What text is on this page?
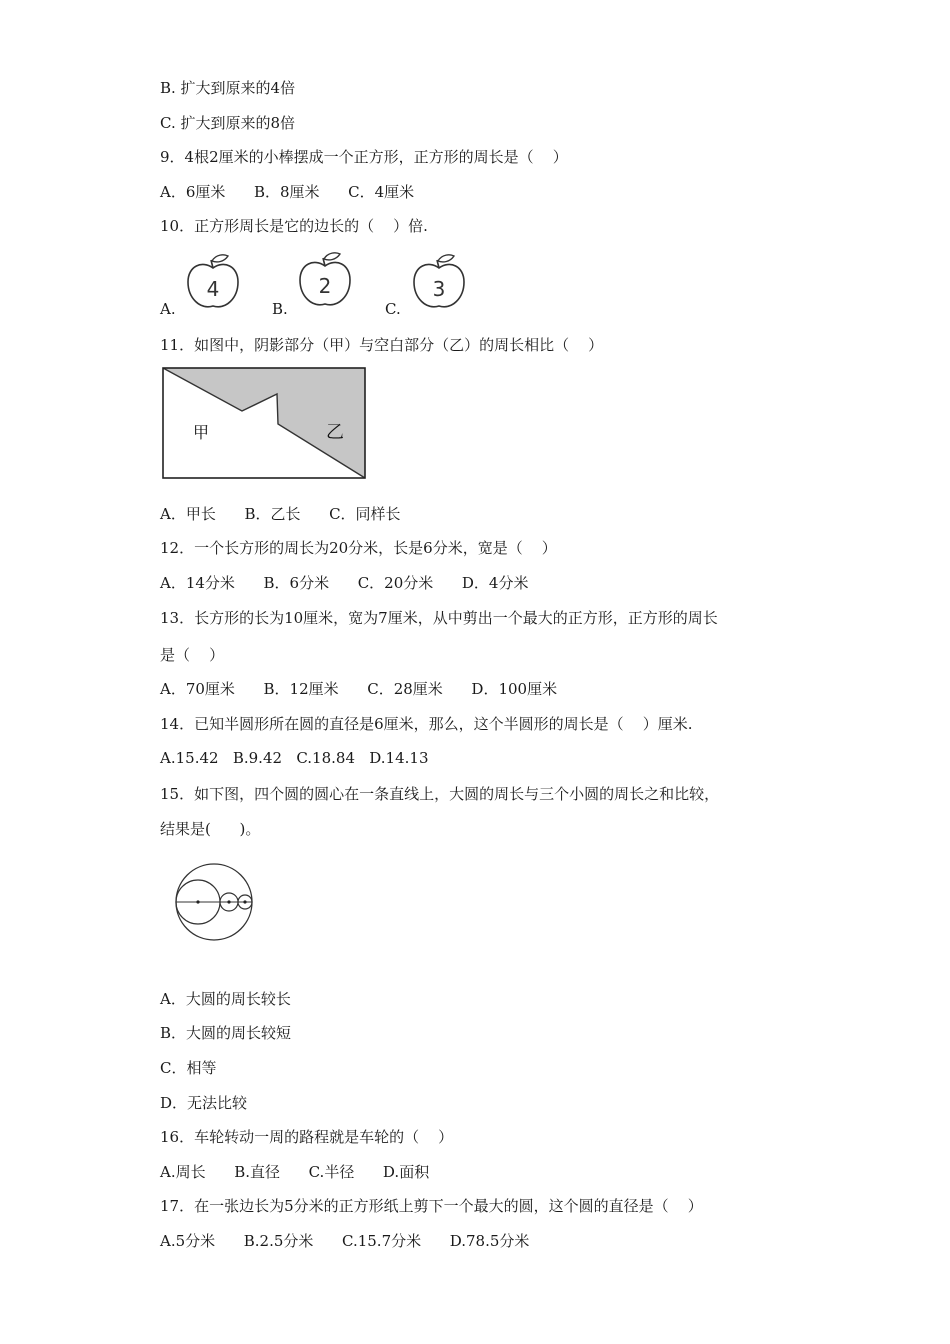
B. 扩大到原来的4倍
C. 扩大到原来的8倍
9．4根2厘米的小棒摆成一个正方形，正方形的周长是（    ）
A．6厘米      B．8厘米      C．4厘米
10．正方形周长是它的边长的（    ）倍.
A.
4
B.
2
C.
3
11．如图中，阴影部分（甲）与空白部分（乙）的周长相比（    ）
甲	乙
A．甲长      B．乙长      C．同样长
12．一个长方形的周长为20分米，长是6分米，宽是（    ）
A．14分米      B．6分米      C．20分米      D．4分米
13．长方形的长为10厘米，宽为7厘米，从中剪出一个最大的正方形，正方形的周长
是（    ）
A．70厘米      B．12厘米      C．28厘米      D．100厘米
14．已知半圆形所在圆的直径是6厘米，那么，这个半圆形的周长是（    ）厘米.
A.15.42   B.9.42   C.18.84   D.14.13
15．如下图，四个圆的圆心在一条直线上，大圆的周长与三个小圆的周长之和比较，
结果是(      )。
A．大圆的周长较长
B．大圆的周长较短
C．相等
D．无法比较
16．车轮转动一周的路程就是车轮的（    ）
A.周长      B.直径      C.半径      D.面积
17．在一张边长为5分米的正方形纸上剪下一个最大的圆，这个圆的直径是（    ）
A.5分米      B.2.5分米      C.15.7分米      D.78.5分米
